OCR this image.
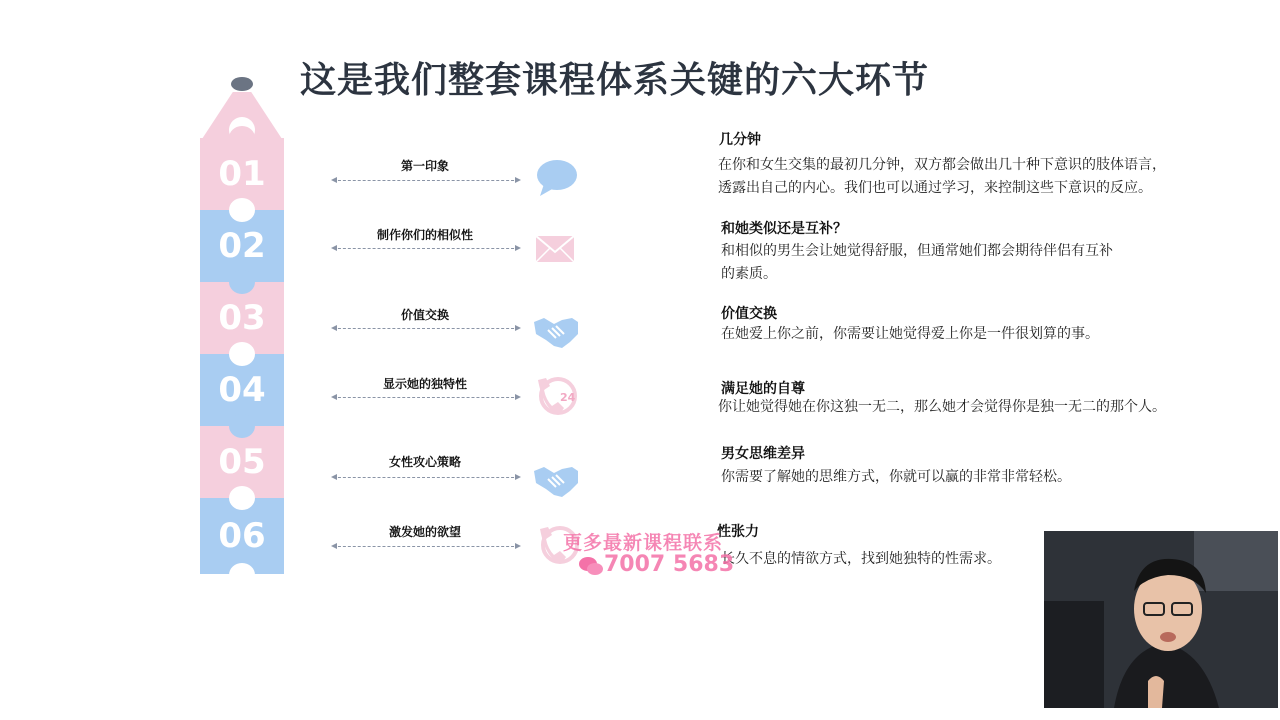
这是我们整套课程体系关键的六大环节
01
02
03
04
05
06
第一印象
制作你们的相似性
价值交换
显示她的独特性
女性攻心策略
激发她的欲望
24
几分钟
在你和女生交集的最初几分钟，双方都会做出几十种下意识的肢体语言，
透露出自己的内心。我们也可以通过学习，来控制这些下意识的反应。
和她类似还是互补？
和相似的男生会让她觉得舒服，但通常她们都会期待伴侣有互补
的素质。
价值交换
在她爱上你之前，你需要让她觉得爱上你是一件很划算的事。
满足她的自尊
你让她觉得她在你这独一无二，那么她才会觉得你是独一无二的那个人。
男女思维差异
你需要了解她的思维方式，你就可以赢的非常非常轻松。
性张力
长久不息的情欲方式，找到她独特的性需求。
更多最新课程联系
7007 5683
